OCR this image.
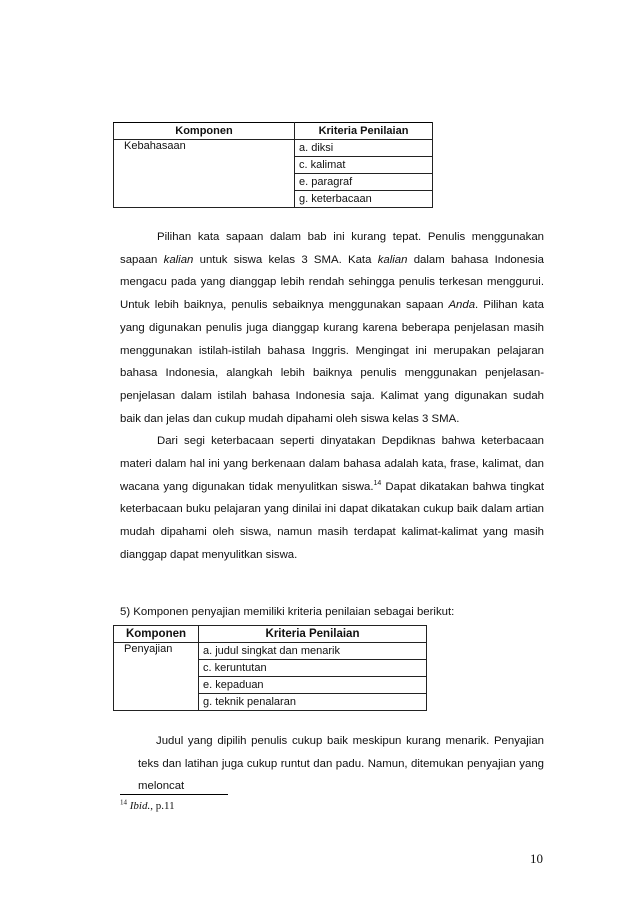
Komponen	Kriteria Penilaian
Kebahasaan	a. diksi
	c. kalimat
	e. paragraf
	g. keterbacaan

Pilihan kata sapaan dalam bab ini kurang tepat. Penulis menggunakan sapaan kalian untuk siswa kelas 3 SMA. Kata kalian dalam bahasa Indonesia mengacu pada yang dianggap lebih rendah sehingga penulis terkesan menggurui. Untuk lebih baiknya, penulis sebaiknya menggunakan sapaan Anda. Pilihan kata yang digunakan penulis juga dianggap kurang karena beberapa penjelasan masih menggunakan istilah-istilah bahasa Inggris. Mengingat ini merupakan pelajaran bahasa Indonesia, alangkah lebih baiknya penulis menggunakan penjelasan-penjelasan dalam istilah bahasa Indonesia saja. Kalimat yang digunakan sudah baik dan jelas dan cukup mudah dipahami oleh siswa kelas 3 SMA.

Dari segi keterbacaan seperti dinyatakan Depdiknas bahwa keterbacaan materi dalam hal ini yang berkenaan dalam bahasa adalah kata, frase, kalimat, dan wacana yang digunakan tidak menyulitkan siswa.$^{14}$ Dapat dikatakan bahwa tingkat keterbacaan buku pelajaran yang dinilai ini dapat dikatakan cukup baik dalam artian mudah dipahami oleh siswa, namun masih terdapat kalimat-kalimat yang masih dianggap dapat menyulitkan siswa.

5) Komponen penyajian memiliki kriteria penilaian sebagai berikut:
Komponen	Kriteria Penilaian
Penyajian	a. judul singkat dan menarik
	c. keruntutan
	e. kepaduan
	g. teknik penalaran

Judul yang dipilih penulis cukup baik meskipun kurang menarik. Penyajian teks dan latihan juga cukup runtut dan padu. Namun, ditemukan penyajian yang meloncat

$^{14}$ Ibid., p.11
10
